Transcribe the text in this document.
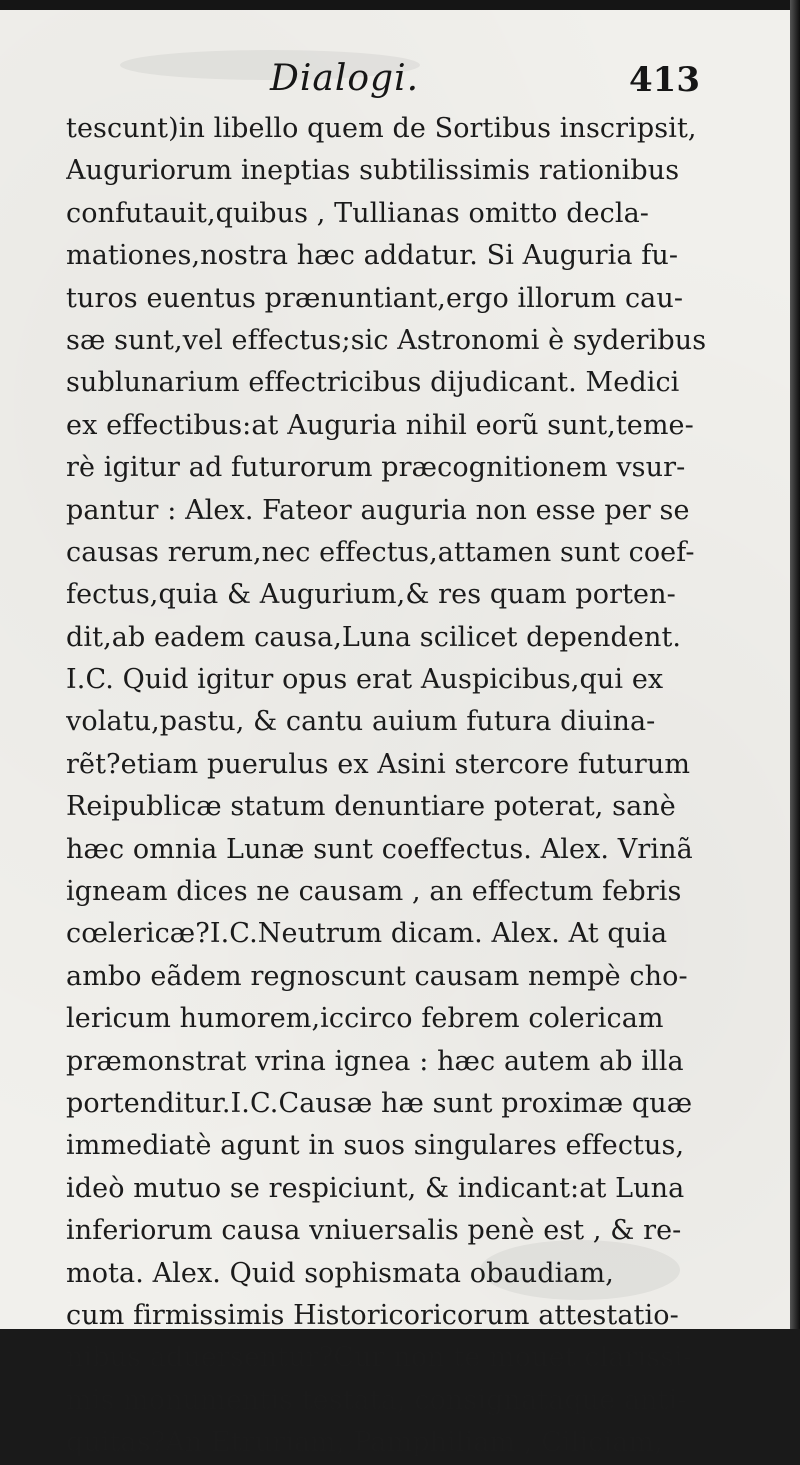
Dialogi.	413
tescunt)in libello quem de Sortibus inscripsit,
Auguriorum ineptias subtilissimis rationibus
confutauit,quibus , Tullianas omitto decla-
mationes,nostra hæc addatur. Si Auguria fu-
turos euentus prænuntiant,ergo illorum cau-
sæ sunt,vel effectus;sic Astronomi è syderibus
sublunarium effectricibus dijudicant. Medici
ex effectibus:at Auguria nihil eorũ sunt,teme-
rè igitur ad futurorum præcognitionem vsur-
pantur : Alex. Fateor auguria non esse per se
causas rerum,nec effectus,attamen sunt coef-
fectus,quia & Augurium,& res quam porten-
dit,ab eadem causa,Luna scilicet dependent.
I.C. Quid igitur opus erat Auspicibus,qui ex
volatu,pastu, & cantu auium futura diuina-
rẽt?etiam puerulus ex Asini stercore futurum
Reipublicæ statum denuntiare poterat, sanè
hæc omnia Lunæ sunt coeffectus. Alex. Vrinã
igneam dices ne causam , an effectum febris
cœlericæ?I.C.Neutrum dicam. Alex. At quia
ambo eãdem regnoscunt causam nempè cho-
lericum humorem,iccirco febrem colericam
præmonstrat vrina ignea : hæc autem ab illa
portenditur.I.C.Causæ hæ sunt proximæ quæ
immediatè agunt in suos singulares effectus,
ideò mutuo se respiciunt, & indicant:at Luna
inferiorum causa vniuersalis penè est , & re-
mota. Alex. Quid sophismata obaudiam,
cum firmissimis Historicoricorum attestatio-
nibus aduersentur?Cur non te mouet clarissi-
mis monumentis testata, consignataque anti-
quitas?An Etruriam, Pamphiliam , Ciliciam,
